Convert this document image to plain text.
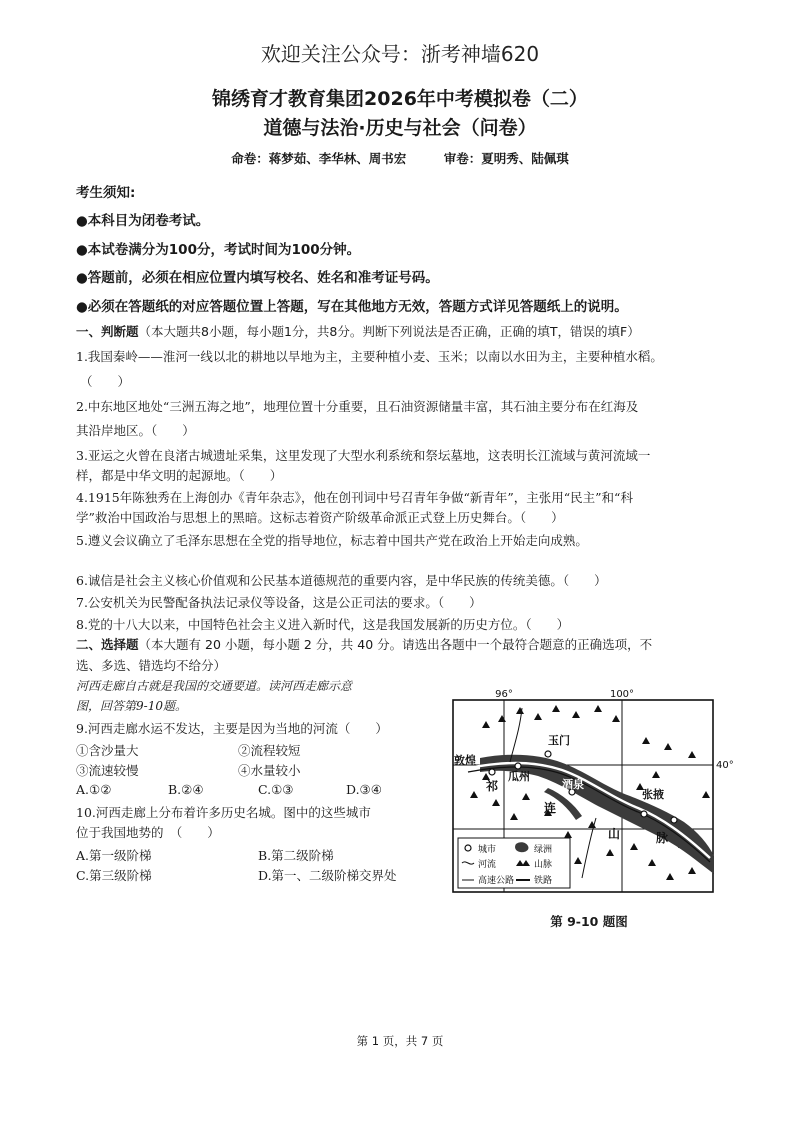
欢迎关注公众号：浙考神墙620
锦绣育才教育集团2026年中考模拟卷（二）
道德与法治·历史与社会（问卷）
命卷：蒋梦茹、李华林、周书宏　　　审卷：夏明秀、陆佩琪
考生须知:
●本科目为闭卷考试。
●本试卷满分为100分，考试时间为100分钟。
●答题前，必须在相应位置内填写校名、姓名和准考证号码。
●必须在答题纸的对应答题位置上答题，写在其他地方无效，答题方式详见答题纸上的说明。
一、判断题（本大题共8小题，每小题1分，共8分。判断下列说法是否正确，正确的填T，错误的填F）
1.我国秦岭——淮河一线以北的耕地以旱地为主，主要种植小麦、玉米；以南以水田为主，主要种植水稻。
（　　）
2.中东地区地处“三洲五海之地”，地理位置十分重要，且石油资源储量丰富，其石油主要分布在红海及
其沿岸地区。（　　）
3.亚运之火曾在良渚古城遗址采集，这里发现了大型水利系统和祭坛墓地，这表明长江流域与黄河流域一
样，都是中华文明的起源地。（　　）
4.1915年陈独秀在上海创办《青年杂志》，他在创刊词中号召青年争做“新青年”，主张用“民主”和“科
学”救治中国政治与思想上的黑暗。这标志着资产阶级革命派正式登上历史舞台。（　　）
5.遵义会议确立了毛泽东思想在全党的指导地位，标志着中国共产党在政治上开始走向成熟。
6.诚信是社会主义核心价值观和公民基本道德规范的重要内容，是中华民族的传统美德。（　　）
7.公安机关为民警配备执法记录仪等设备，这是公正司法的要求。（　　）
8.党的十八大以来，中国特色社会主义进入新时代，这是我国发展新的历史方位。（　　）
二、选择题（本大题有 20 小题，每小题 2 分，共 40 分。请选出各题中一个最符合题意的正确选项，不
选、多选、错选均不给分）
河西走廊自古就是我国的交通要道。读河西走廊示意
图，回答第9-10题。
9.河西走廊水运不发达，主要是因为当地的河流（　　）
①含沙量大	②流程较短
③流速较慢	④水量较小
A.①②	B.②④	C.①③	D.③④
10.河西走廊上分布着许多历史名城。图中的这些城市
位于我国地势的　（　　）
A.第一级阶梯	B.第二级阶梯
C.第三级阶梯	D.第一、二级阶梯交界处
96°	100°
40°
敦煌
瓜州
玉门
酒泉
张掖
金昌
祁
连
山	脉
城市	绿洲
河流	山脉
高速公路 铁路
第 9-10 题图
第 1 页，共 7 页
